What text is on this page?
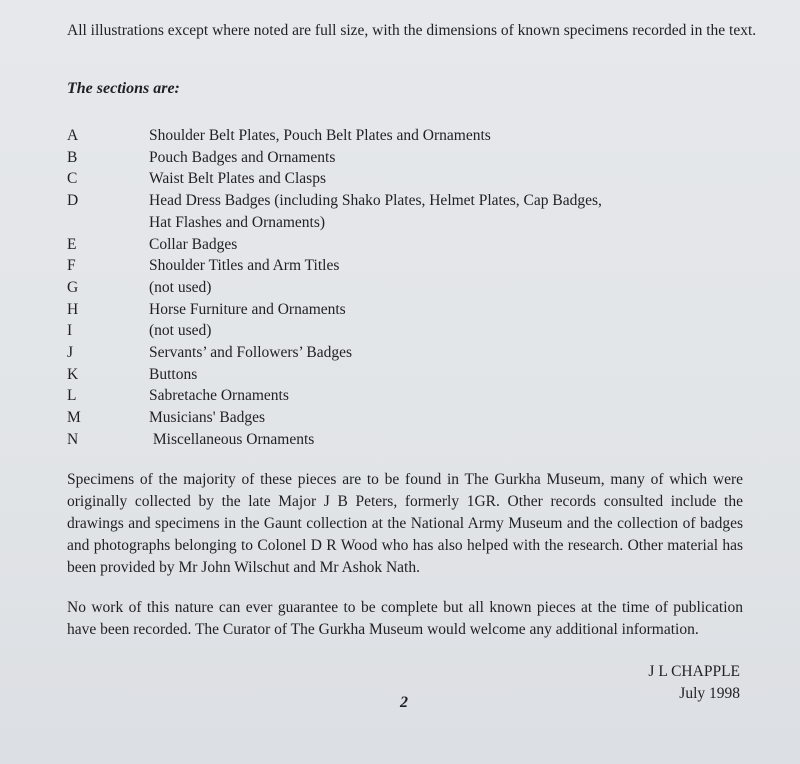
All illustrations except where noted are full size, with the dimensions of known specimens recorded in the text.

The sections are:

A	Shoulder Belt Plates, Pouch Belt Plates and Ornaments
B	Pouch Badges and Ornaments
C	Waist Belt Plates and Clasps
D	Head Dress Badges (including Shako Plates, Helmet Plates, Cap Badges,
Hat Flashes and Ornaments)
E	Collar Badges
F	Shoulder Titles and Arm Titles
G	(not used)
H	Horse Furniture and Ornaments
I	(not used)
J	Servants’ and Followers’ Badges
K	Buttons
L	Sabretache Ornaments
M	Musicians' Badges
N	Miscellaneous Ornaments

Specimens of the majority of these pieces are to be found in The Gurkha Museum, many of which were originally collected by the late Major J B Peters, formerly 1GR. Other records consulted include the drawings and specimens in the Gaunt collection at the National Army Museum and the collection of badges and photographs belonging to Colonel D R Wood who has also helped with the research. Other material has been provided by Mr John Wilschut and Mr Ashok Nath.

No work of this nature can ever guarantee to be complete but all known pieces at the time of publication have been recorded. The Curator of The Gurkha Museum would welcome any additional information.

J L CHAPPLE
July 1998
2
